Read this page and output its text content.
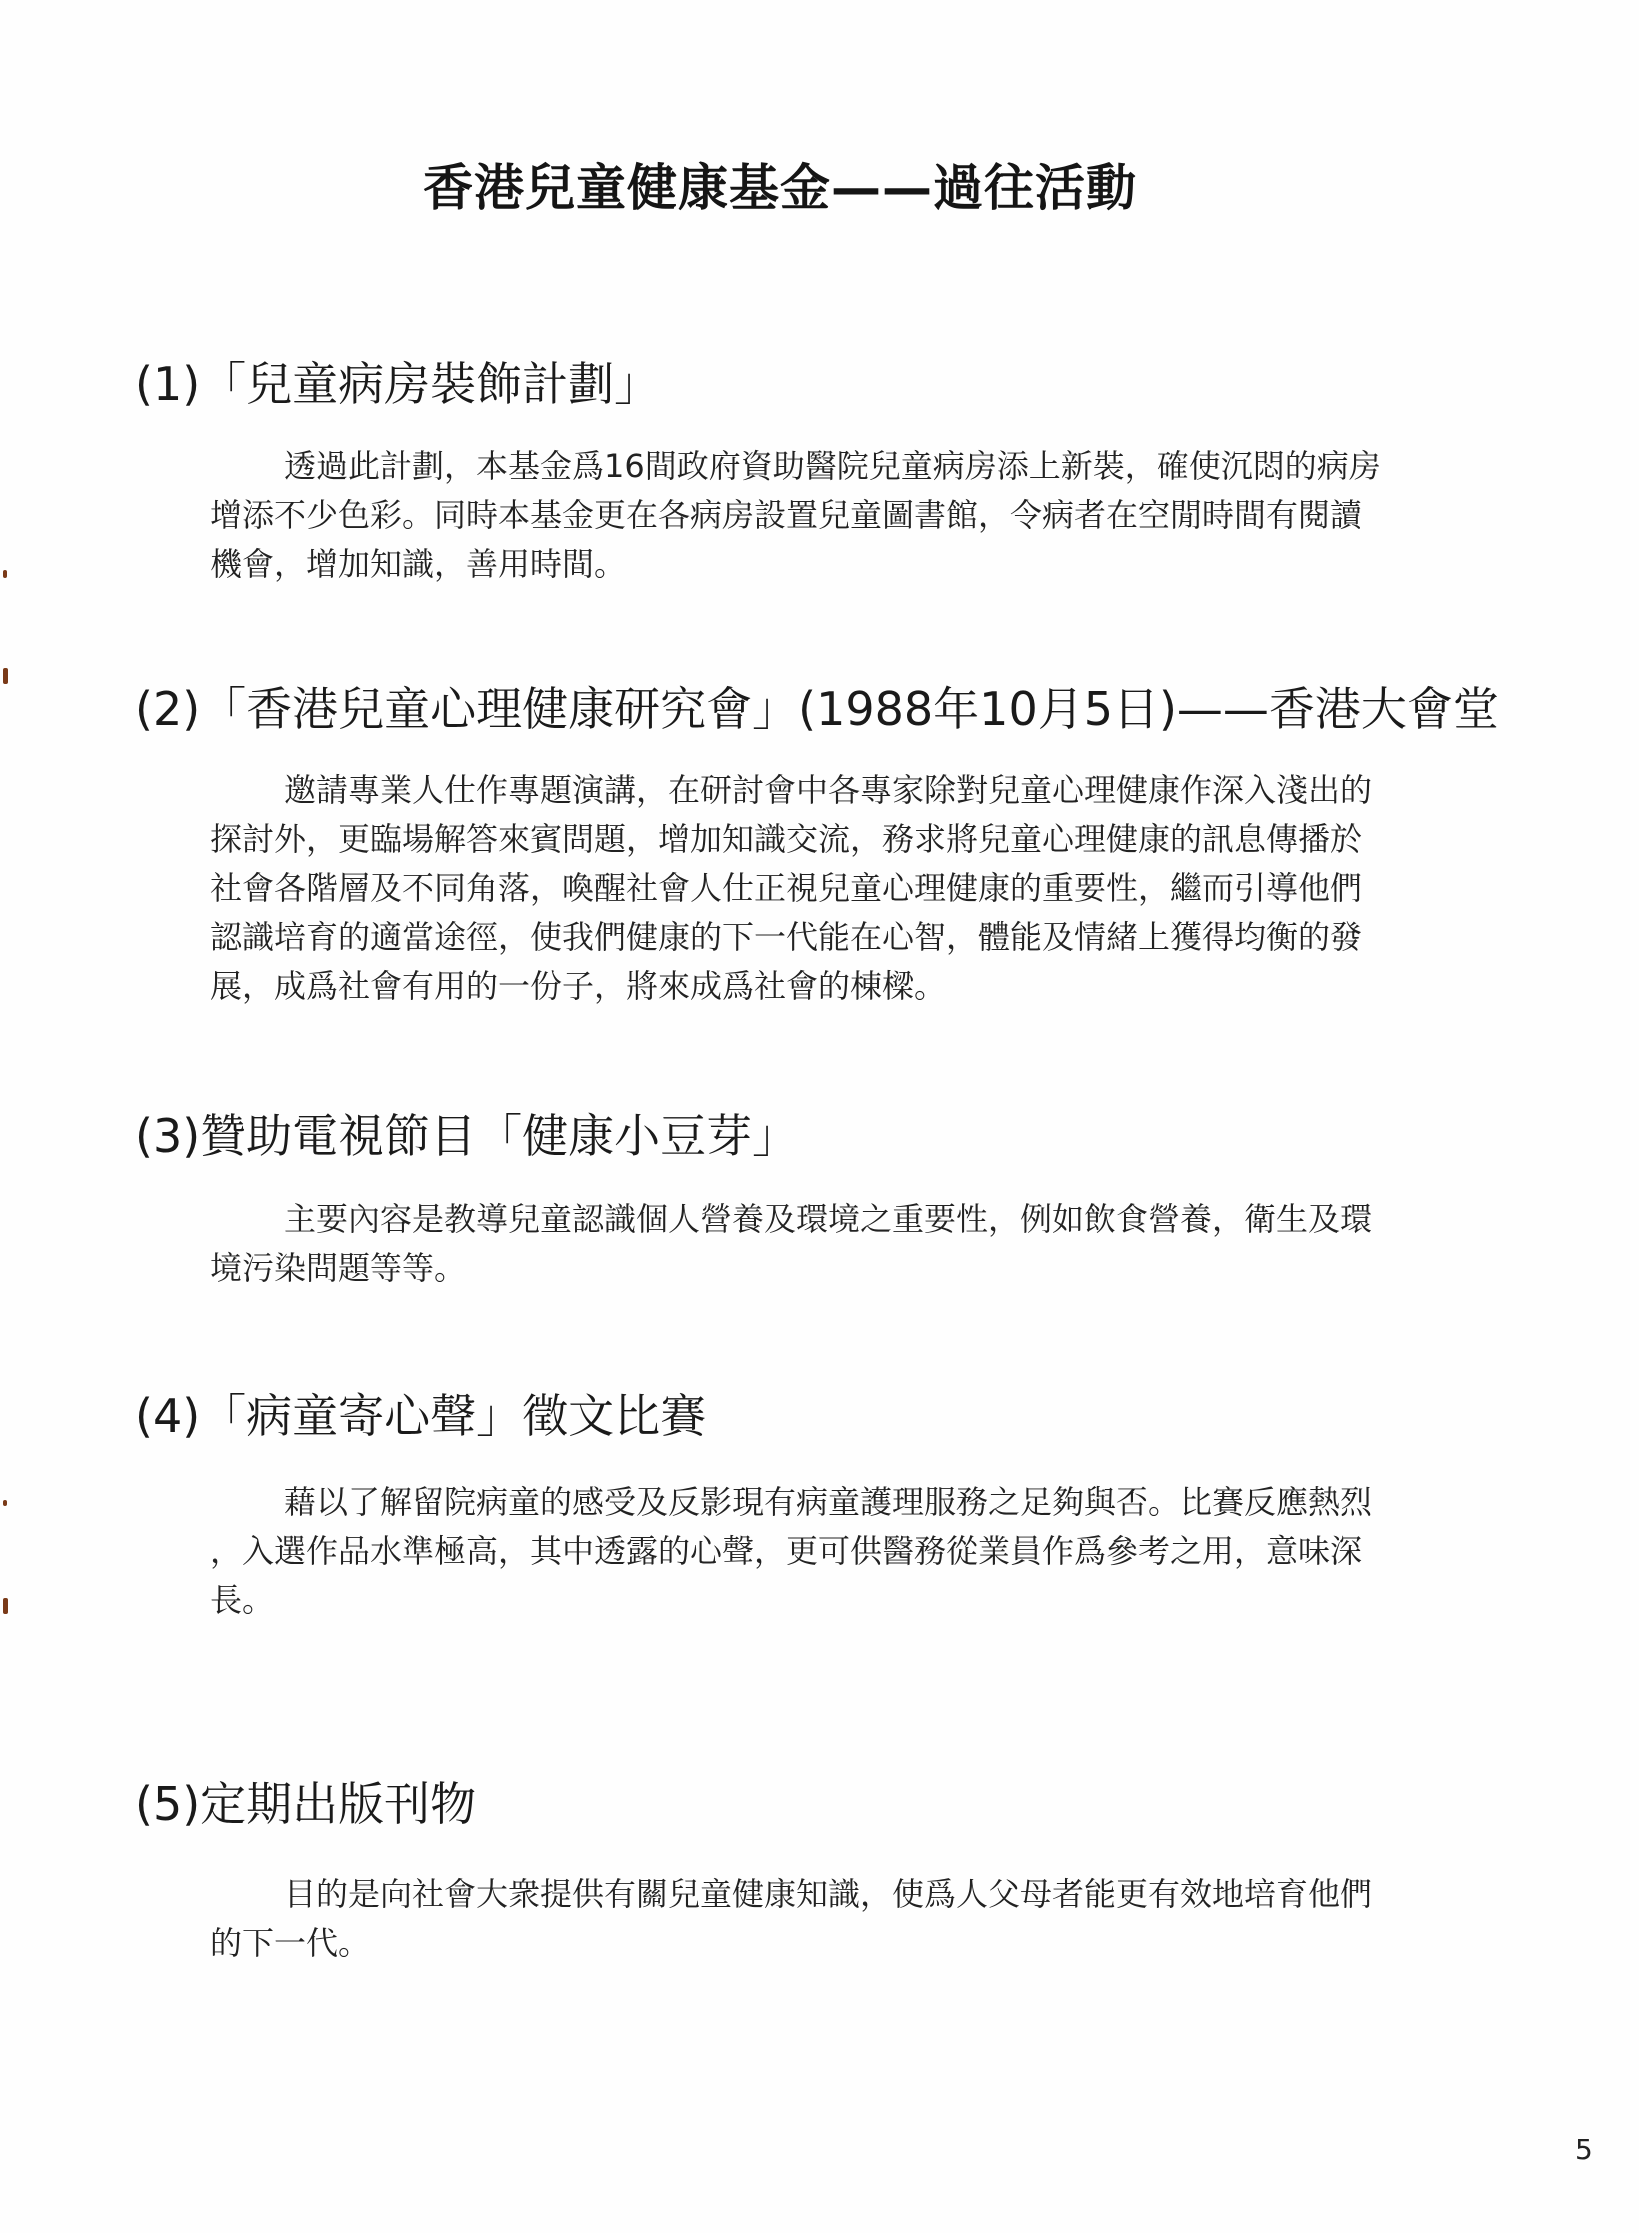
香港兒童健康基金——過往活動
(1)「兒童病房裝飾計劃」
透過此計劃，本基金爲16間政府資助醫院兒童病房添上新裝，確使沉悶的病房
增添不少色彩。同時本基金更在各病房設置兒童圖書館，令病者在空閒時間有閱讀
機會，增加知識，善用時間。
(2)「香港兒童心理健康研究會」(1988年10月5日)——香港大會堂
邀請專業人仕作專題演講，在研討會中各專家除對兒童心理健康作深入淺出的
探討外，更臨場解答來賓問題，增加知識交流，務求將兒童心理健康的訊息傳播於
社會各階層及不同角落，喚醒社會人仕正視兒童心理健康的重要性，繼而引導他們
認識培育的適當途徑，使我們健康的下一代能在心智，體能及情緒上獲得均衡的發
展，成爲社會有用的一份子，將來成爲社會的棟樑。
(3)贊助電視節目「健康小豆芽」
主要內容是教導兒童認識個人營養及環境之重要性，例如飲食營養，衛生及環
境污染問題等等。
(4)「病童寄心聲」徵文比賽
藉以了解留院病童的感受及反影現有病童護理服務之足夠與否。比賽反應熱烈
，入選作品水準極高，其中透露的心聲，更可供醫務從業員作爲參考之用，意味深
長。
(5)定期出版刊物
目的是向社會大衆提供有關兒童健康知識，使爲人父母者能更有效地培育他們
的下一代。
5
